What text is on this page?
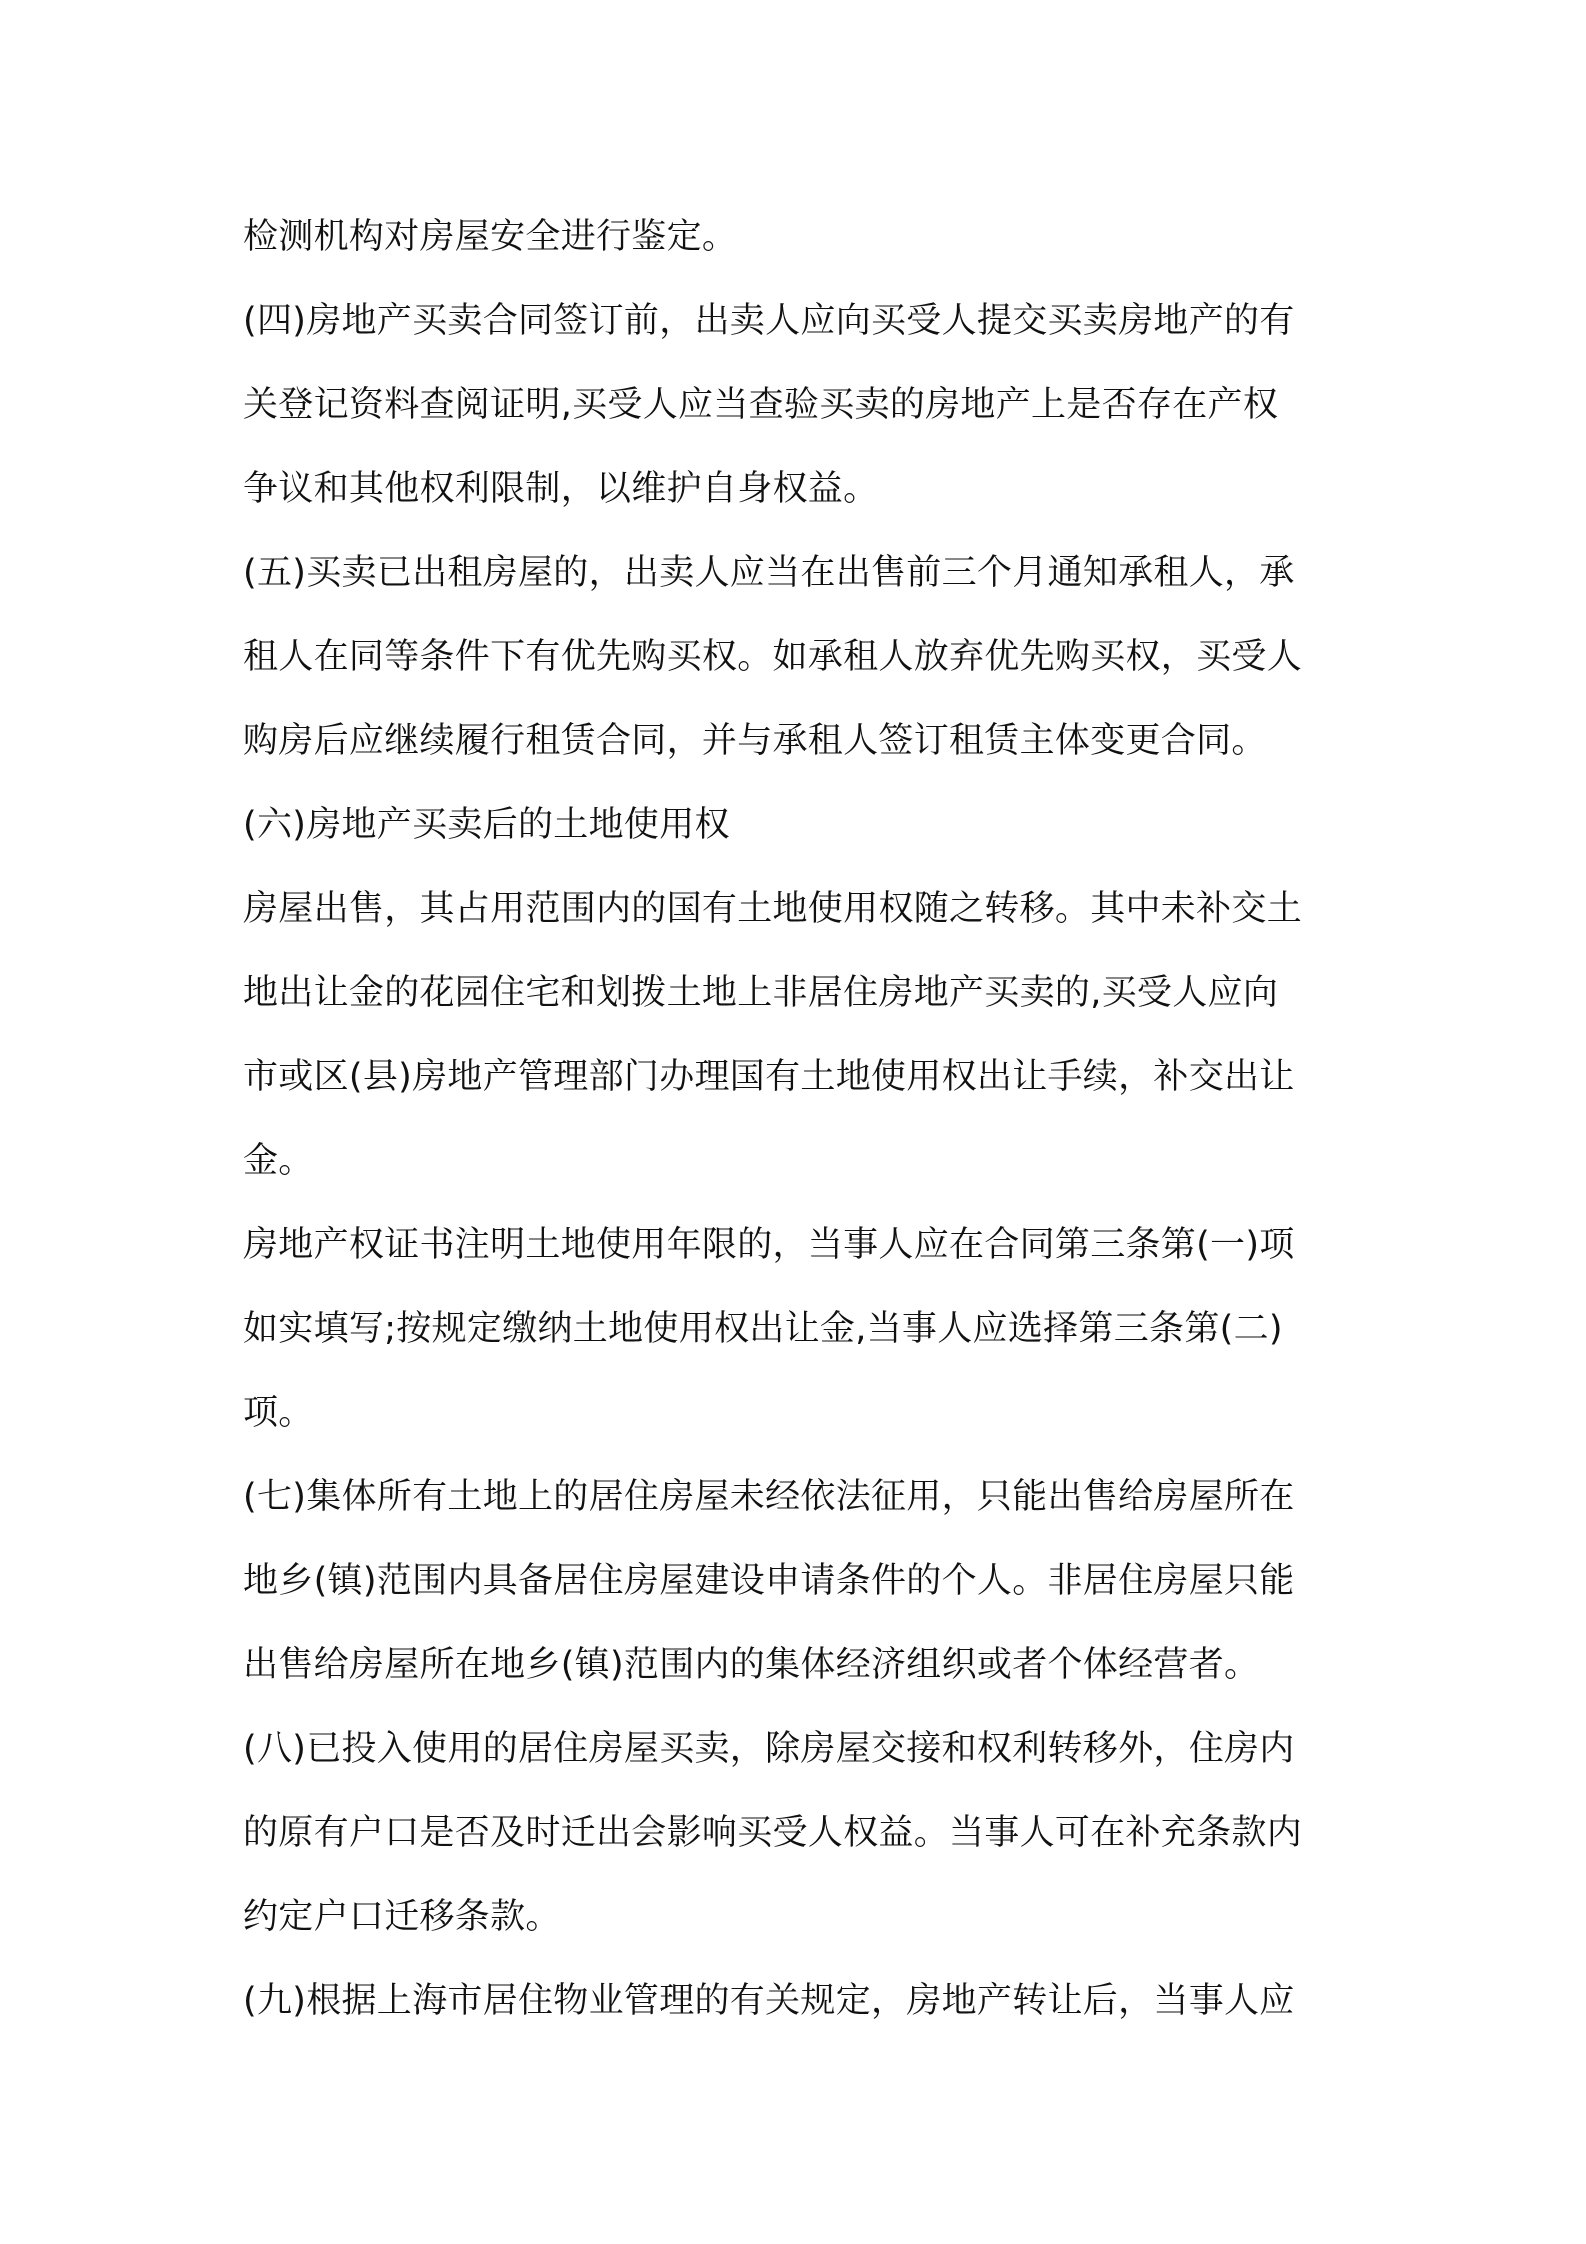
检测机构对房屋安全进行鉴定。
(四)房地产买卖合同签订前，出卖人应向买受人提交买卖房地产的有
关登记资料查阅证明,买受人应当查验买卖的房地产上是否存在产权
争议和其他权利限制，以维护自身权益。
(五)买卖已出租房屋的，出卖人应当在出售前三个月通知承租人，承
租人在同等条件下有优先购买权。如承租人放弃优先购买权，买受人
购房后应继续履行租赁合同，并与承租人签订租赁主体变更合同。
(六)房地产买卖后的土地使用权
房屋出售，其占用范围内的国有土地使用权随之转移。其中未补交土
地出让金的花园住宅和划拨土地上非居住房地产买卖的,买受人应向
市或区(县)房地产管理部门办理国有土地使用权出让手续，补交出让
金。
房地产权证书注明土地使用年限的，当事人应在合同第三条第(一)项
如实填写;按规定缴纳土地使用权出让金,当事人应选择第三条第(二)
项。
(七)集体所有土地上的居住房屋未经依法征用，只能出售给房屋所在
地乡(镇)范围内具备居住房屋建设申请条件的个人。非居住房屋只能
出售给房屋所在地乡(镇)范围内的集体经济组织或者个体经营者。
(八)已投入使用的居住房屋买卖，除房屋交接和权利转移外，住房内
的原有户口是否及时迁出会影响买受人权益。当事人可在补充条款内
约定户口迁移条款。
(九)根据上海市居住物业管理的有关规定，房地产转让后，当事人应
